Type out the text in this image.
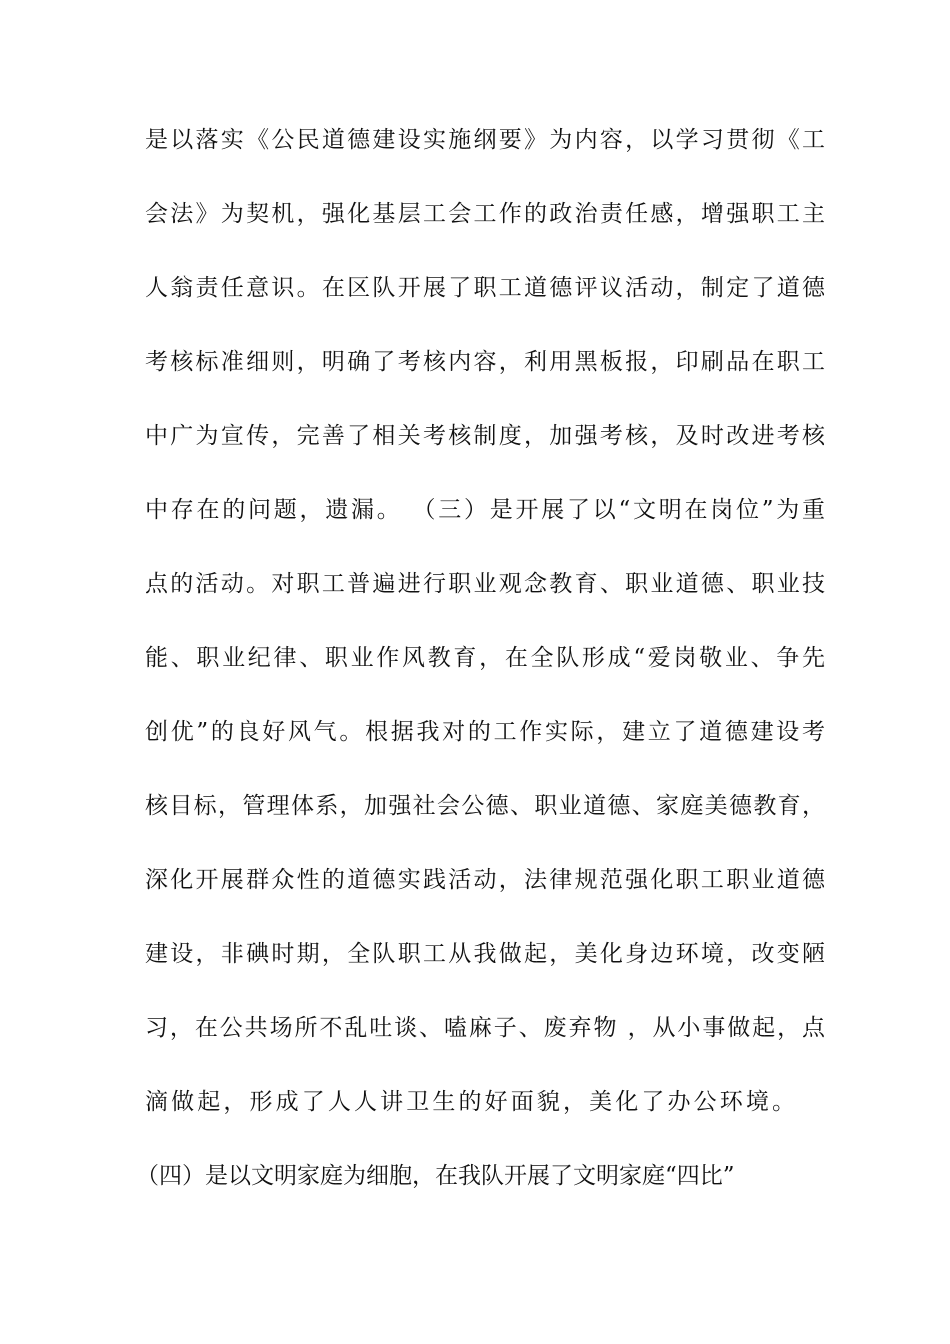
是以落实《公民道德建设实施纲要》为内容，以学习贯彻《工
会法》为契机，强化基层工会工作的政治责任感，增强职工主
人翁责任意识。在区队开展了职工道德评议活动，制定了道德
考核标准细则，明确了考核内容，利用黑板报，印刷品在职工
中广为宣传，完善了相关考核制度，加强考核，及时改进考核
中存在的问题，遗漏。 （三）是开展了以“文明在岗位”为重
点的活动。对职工普遍进行职业观念教育、职业道德、职业技
能、职业纪律、职业作风教育，在全队形成“爱岗敬业、争先
创优”的良好风气。根据我对的工作实际，建立了道德建设考
核目标，管理体系，加强社会公德、职业道德、家庭美德教育，
深化开展群众性的道德实践活动，法律规范强化职工职业道德
建设，非碘时期，全队职工从我做起，美化身边环境，改变陋
习，在公共场所不乱吐谈、嗑麻子、废弃物 ，从小事做起，点
滴做起，形成了人人讲卫生的好面貌，美化了办公环境。
（四）是以文明家庭为细胞，在我队开展了文明家庭“四比”
